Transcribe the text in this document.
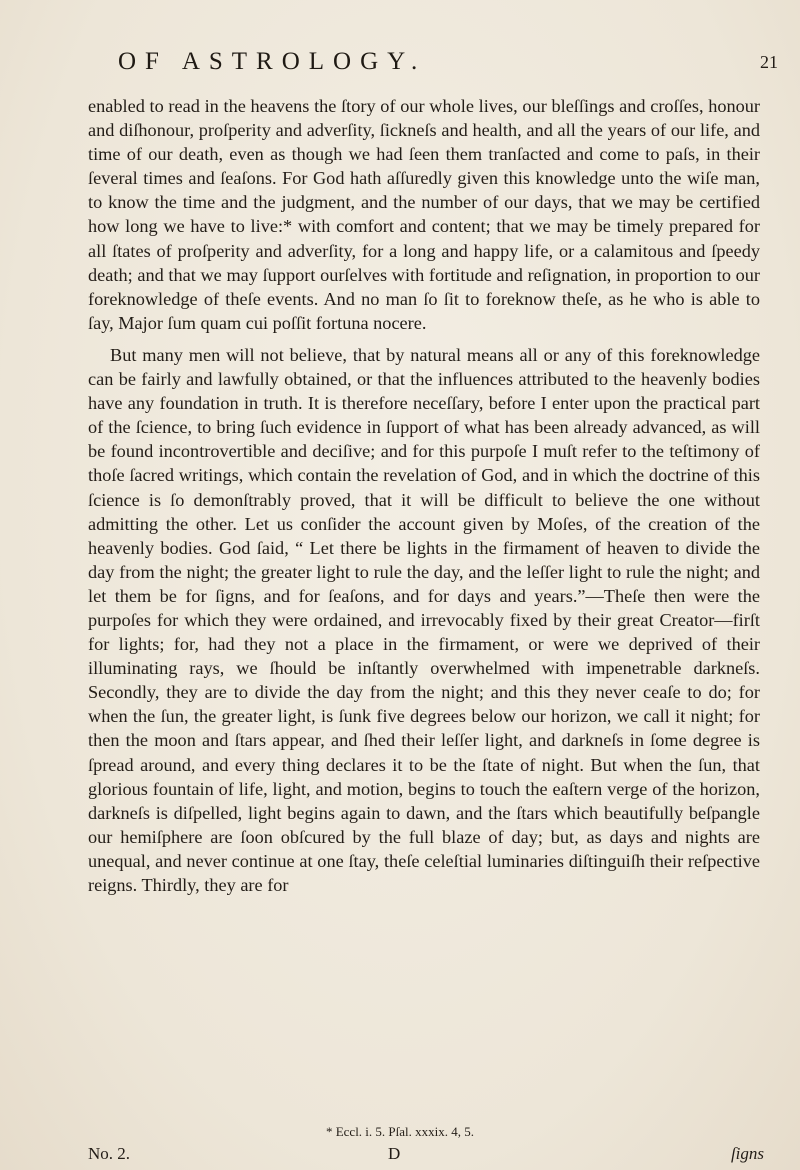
OF ASTROLOGY.	21

enabled to read in the heavens the ſtory of our whole lives, our bleſſings and croſſes, honour and diſhonour, proſperity and adverſity, ſickneſs and health, and all the years of our life, and time of our death, even as though we had ſeen them tranſacted and come to paſs, in their ſeveral times and ſeaſons. For God hath aſſuredly given this knowledge unto the wiſe man, to know the time and the judgment, and the number of our days, that we may be certified how long we have to live:* with comfort and content; that we may be timely prepared for all ſtates of proſperity and adverſity, for a long and happy life, or a calamitous and ſpeedy death; and that we may ſupport ourſelves with fortitude and reſignation, in proportion to our foreknowledge of theſe events. And no man ſo ſit to foreknow theſe, as he who is able to ſay, Major ſum quam cui poſſit fortuna nocere.

But many men will not believe, that by natural means all or any of this foreknowledge can be fairly and lawfully obtained, or that the influences attributed to the heavenly bodies have any foundation in truth. It is therefore neceſſary, before I enter upon the practical part of the ſcience, to bring ſuch evidence in ſupport of what has been already advanced, as will be found incontrovertible and deciſive; and for this purpoſe I muſt refer to the teſtimony of thoſe ſacred writings, which contain the revelation of God, and in which the doctrine of this ſcience is ſo demonſtrably proved, that it will be difficult to believe the one without admitting the other. Let us conſider the account given by Moſes, of the creation of the heavenly bodies. God ſaid, “ Let there be lights in the firmament of heaven to divide the day from the night; the greater light to rule the day, and the leſſer light to rule the night; and let them be for ſigns, and for ſeaſons, and for days and years.”—Theſe then were the purpoſes for which they were ordained, and irrevocably fixed by their great Creator—firſt for lights; for, had they not a place in the firmament, or were we deprived of their illuminating rays, we ſhould be inſtantly overwhelmed with impenetrable darkneſs. Secondly, they are to divide the day from the night; and this they never ceaſe to do; for when the ſun, the greater light, is ſunk five degrees below our horizon, we call it night; for then the moon and ſtars appear, and ſhed their leſſer light, and darkneſs in ſome degree is ſpread around, and every thing declares it to be the ſtate of night. But when the ſun, that glorious fountain of life, light, and motion, begins to touch the eaſtern verge of the horizon, darkneſs is diſpelled, light begins again to dawn, and the ſtars which beautifully beſpangle our hemiſphere are ſoon obſcured by the full blaze of day; but, as days and nights are unequal, and never continue at one ſtay, theſe celeſtial luminaries diſtinguiſh their reſpective reigns. Thirdly, they are for

* Eccl. i. 5. Pſal. xxxix. 4, 5.
No. 2.	D	ſigns
